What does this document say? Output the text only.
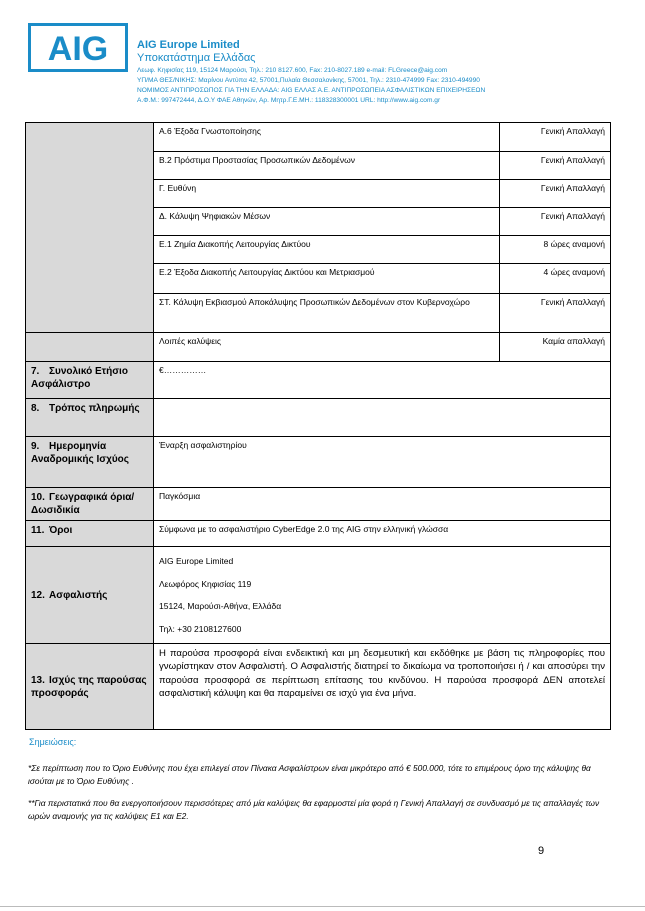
AIG	AIG Europe Limited
Υποκατάστημα Ελλάδας
Λεωφ. Κηφισίας 119, 15124 Μαρούσι, Τηλ.: 210 8127.600, Fax: 210-8027.189 e-mail: FLGreece@aig.com
ΥΠ/ΜΑ ΘΕΣ/ΝΙΚΗΣ: Μαρίνου Αντύπα 42, 57001,Πυλαία Θεσσαλονίκης, 57001, Τηλ.: 2310-474999 Fax: 2310-494990
ΝΟΜΙΜΟΣ ΑΝΤΙΠΡΟΣΩΠΟΣ ΓΙΑ ΤΗΝ ΕΛΛΑΔΑ: AIG ΕΛΛΑΣ Α.Ε. ΑΝΤΙΠΡΟΣΩΠΕΙΑ ΑΣΦΑΛΙΣΤΙΚΩΝ ΕΠΙΧΕΙΡΗΣΕΩΝ
Α.Φ.Μ.: 997472444, Δ.Ο.Υ ΦΑΕ Αθηνών, Αρ. Μητρ.Γ.Ε.ΜΗ.: 118328300001 URL: http://www.aig.com.gr
	Α.6 Έξοδα Γνωστοποίησης	Γενική Απαλλαγή
	Β.2 Πρόστιμα Προστασίας Προσωπικών Δεδομένων	Γενική Απαλλαγή
	Γ. Ευθύνη	Γενική Απαλλαγή
	Δ. Κάλυψη Ψηφιακών Μέσων	Γενική Απαλλαγή
	Ε.1 Ζημία Διακοπής Λειτουργίας Δικτύου	8 ώρες αναμονή
	Ε.2 Έξοδα Διακοπής Λειτουργίας Δικτύου και Μετριασμού	4 ώρες αναμονή
	ΣΤ. Κάλυψη Εκβιασμού Αποκάλυψης Προσωπικών Δεδομένων στον Κυβερνοχώρο	Γενική Απαλλαγή
	Λοιπές καλύψεις	Καμία απαλλαγή
7. Συνολικό Ετήσιο Ασφάλιστρο	€……………	
8. Τρόπος πληρωμής		
9. Ημερομηνία Αναδρομικής Ισχύος	Έναρξη ασφαλιστηρίου	
10. Γεωγραφικά όρια/ Δωσιδικία	Παγκόσμια	
11. Όροι	Σύμφωνα με το ασφαλιστήριο CyberEdge 2.0 της AIG στην ελληνική γλώσσα	
12. Ασφαλιστής	AIG Europe Limited
Λεωφόρος Κηφισίας 119
15124, Μαρούσι-Αθήνα, Ελλάδα
Τηλ: +30 2108127600	

13. Ισχύς της παρούσας προσφοράς	Η παρούσα προσφορά είναι ενδεικτική και μη δεσμευτική και εκδόθηκε με βάση τις πληροφορίες που γνωρίστηκαν στον Ασφαλιστή. Ο Ασφαλιστής διατηρεί το δικαίωμα να τροποποιήσει ή / και αποσύρει την παρούσα προσφορά σε περίπτωση επίτασης του κινδύνου. Η παρούσα προσφορά ΔΕΝ αποτελεί ασφαλιστική κάλυψη και θα παραμείνει σε ισχύ για ένα μήνα.	
Σημειώσεις:
*Σε περίπτωση που το Όριο Ευθύνης που έχει επιλεγεί στον Πίνακα Ασφαλίστρων είναι μικρότερο από € 500.000, τότε το επιμέρους όριο της κάλυψης θα ισούται με το Όριο Ευθύνης .
**Για περιστατικά που θα ενεργοποιήσουν περισσότερες από μία καλύψεις θα εφαρμοστεί μία φορά η Γενική Απαλλαγή σε συνδυασμό με τις απαλλαγές των ωρών αναμονής για τις καλύψεις Ε1 και Ε2.
9
